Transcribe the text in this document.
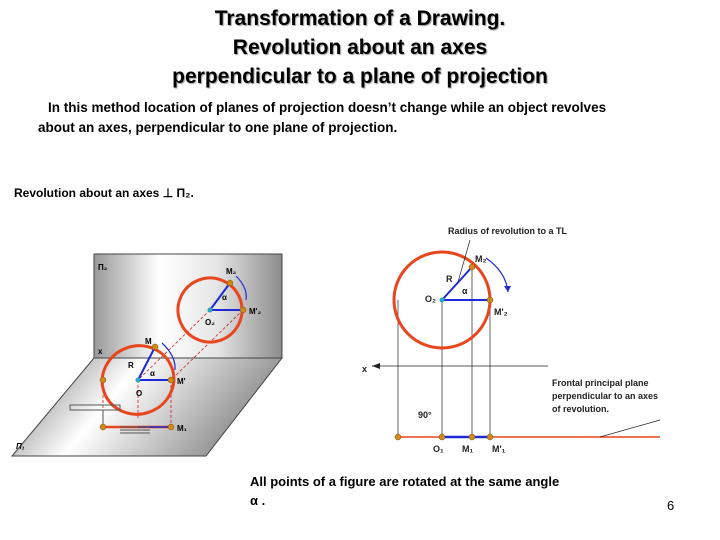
Transformation of a Drawing.
Revolution about an axes
perpendicular to a plane of projection
In this method location of planes of projection doesn’t change while an object revolves
about an axes, perpendicular to one plane of projection.
Revolution about an axes ⊥ Π₂.
Π₂
Π₁
x
M₂
M'₂
O₂
α
M
R
α
M'
O
M₁
Radius of revolution to a TL
M₂
R
O₂
α
M'₂
x
Frontal principal plane
perpendicular to an axes
of revolution.
90°
O₁ M₁ M'₁
All points of a figure are rotated at the same angle
α .	6
